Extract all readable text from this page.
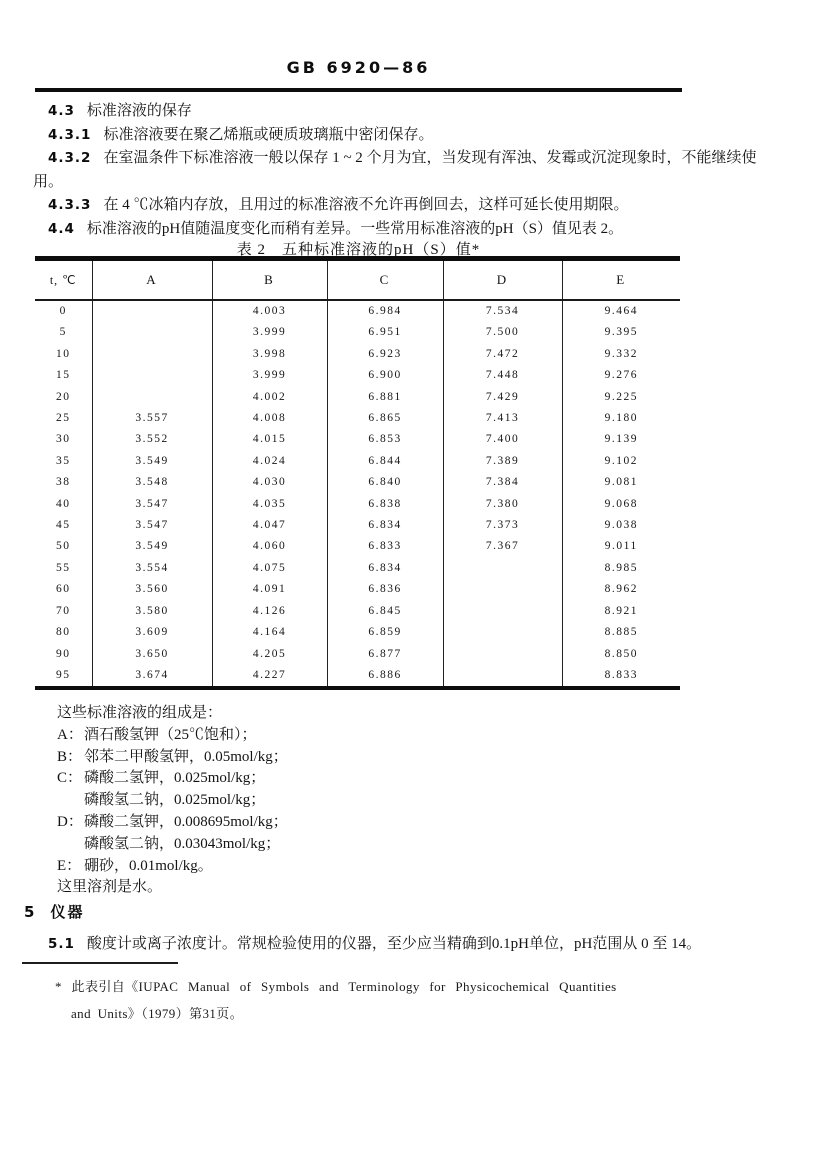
GB 6920—86

4.3 标准溶液的保存

4.3.1 标准溶液要在聚乙烯瓶或硬质玻璃瓶中密闭保存。

4.3.2 在室温条件下标准溶液一般以保存 1 ~ 2 个月为宜，当发现有浑浊、发霉或沉淀现象时，不能继续使用。

4.3.3 在 4 ℃冰箱内存放，且用过的标准溶液不允许再倒回去，这样可延长使用期限。

4.4 标准溶液的pH值随温度变化而稍有差异。一些常用标准溶液的pH（S）值见表 2。

表 2　五种标准溶液的pH（S）值*
t, ℃	A	B	C	D	E
0		4.003	6.984	7.534	9.464
5		3.999	6.951	7.500	9.395
10		3.998	6.923	7.472	9.332
15		3.999	6.900	7.448	9.276
20		4.002	6.881	7.429	9.225
25	3.557	4.008	6.865	7.413	9.180
30	3.552	4.015	6.853	7.400	9.139
35	3.549	4.024	6.844	7.389	9.102
38	3.548	4.030	6.840	7.384	9.081
40	3.547	4.035	6.838	7.380	9.068
45	3.547	4.047	6.834	7.373	9.038
50	3.549	4.060	6.833	7.367	9.011
55	3.554	4.075	6.834		8.985
60	3.560	4.091	6.836		8.962
70	3.580	4.126	6.845		8.921
80	3.609	4.164	6.859		8.885
90	3.650	4.205	6.877		8.850
95	3.674	4.227	6.886		8.833
这些标准溶液的组成是：
A：酒石酸氢钾（25℃饱和）；
B： 邻苯二甲酸氢钾，0.05mol/kg；
C： 磷酸二氢钾，0.025mol/kg；
磷酸氢二钠，0.025mol/kg；
D：磷酸二氢钾，0.008695mol/kg；
磷酸氢二钠，0.03043mol/kg；
E： 硼砂，0.01mol/kg。
这里溶剂是水。
5 仪器
5.1 酸度计或离子浓度计。常规检验使用的仪器，至少应当精确到0.1pH单位，pH范围从 0 至 14。
* 此表引自《IUPAC Manual of Symbols and Terminology for Physicochemical Quantities
and Units》（1979）第31页。
